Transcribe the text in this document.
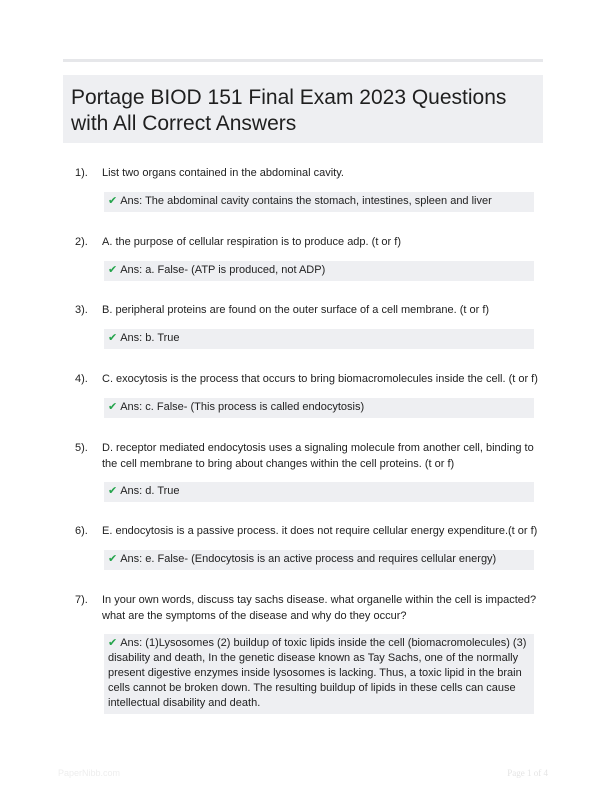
Portage BIOD 151 Final Exam 2023 Questions with All Correct Answers
1). List two organs contained in the abdominal cavity.
✔ Ans: The abdominal cavity contains the stomach, intestines, spleen and liver
2). A. the purpose of cellular respiration is to produce adp. (t or f)
✔ Ans: a. False- (ATP is produced, not ADP)
3). B. peripheral proteins are found on the outer surface of a cell membrane. (t or f)
✔ Ans: b. True
4). C. exocytosis is the process that occurs to bring biomacromolecules inside the cell. (t or f)
✔ Ans: c. False- (This process is called endocytosis)
5). D. receptor mediated endocytosis uses a signaling molecule from another cell, binding to the cell membrane to bring about changes within the cell proteins. (t or f)
✔ Ans: d. True
6). E. endocytosis is a passive process. it does not require cellular energy expenditure.(t or f)
✔ Ans: e. False- (Endocytosis is an active process and requires cellular energy)
7). In your own words, discuss tay sachs disease. what organelle within the cell is impacted? what are the symptoms of the disease and why do they occur?
✔ Ans: (1)Lysosomes (2) buildup of toxic lipids inside the cell (biomacromolecules) (3) disability and death, In the genetic disease known as Tay Sachs, one of the normally present digestive enzymes inside lysosomes is lacking. Thus, a toxic lipid in the brain cells cannot be broken down. The resulting buildup of lipids in these cells can cause intellectual disability and death.
PaperNibb.com	Page 1 of 4
